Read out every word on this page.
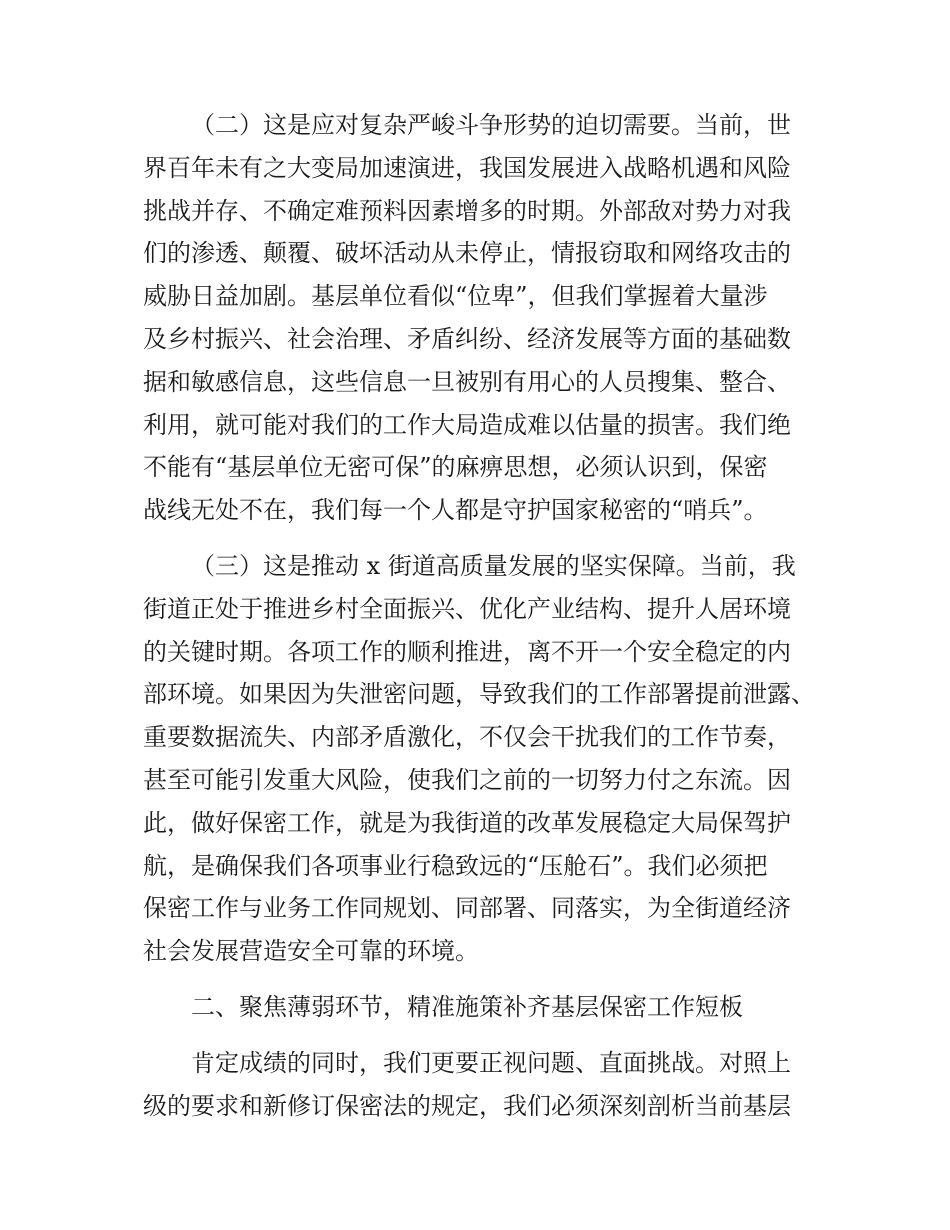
（二）这是应对复杂严峻斗争形势的迫切需要。当前，世
界百年未有之大变局加速演进，我国发展进入战略机遇和风险
挑战并存、不确定难预料因素增多的时期。外部敌对势力对我
们的渗透、颠覆、破坏活动从未停止，情报窃取和网络攻击的
威胁日益加剧。基层单位看似“位卑”，但我们掌握着大量涉
及乡村振兴、社会治理、矛盾纠纷、经济发展等方面的基础数
据和敏感信息，这些信息一旦被别有用心的人员搜集、整合、
利用，就可能对我们的工作大局造成难以估量的损害。我们绝
不能有“基层单位无密可保”的麻痹思想，必须认识到，保密
战线无处不在，我们每一个人都是守护国家秘密的“哨兵”。
（三）这是推动 x 街道高质量发展的坚实保障。当前，我
街道正处于推进乡村全面振兴、优化产业结构、提升人居环境
的关键时期。各项工作的顺利推进，离不开一个安全稳定的内
部环境。如果因为失泄密问题，导致我们的工作部署提前泄露、
重要数据流失、内部矛盾激化，不仅会干扰我们的工作节奏，
甚至可能引发重大风险，使我们之前的一切努力付之东流。因
此，做好保密工作，就是为我街道的改革发展稳定大局保驾护
航，是确保我们各项事业行稳致远的“压舱石”。我们必须把
保密工作与业务工作同规划、同部署、同落实，为全街道经济
社会发展营造安全可靠的环境。
二、聚焦薄弱环节，精准施策补齐基层保密工作短板
肯定成绩的同时，我们更要正视问题、直面挑战。对照上
级的要求和新修订保密法的规定，我们必须深刻剖析当前基层
